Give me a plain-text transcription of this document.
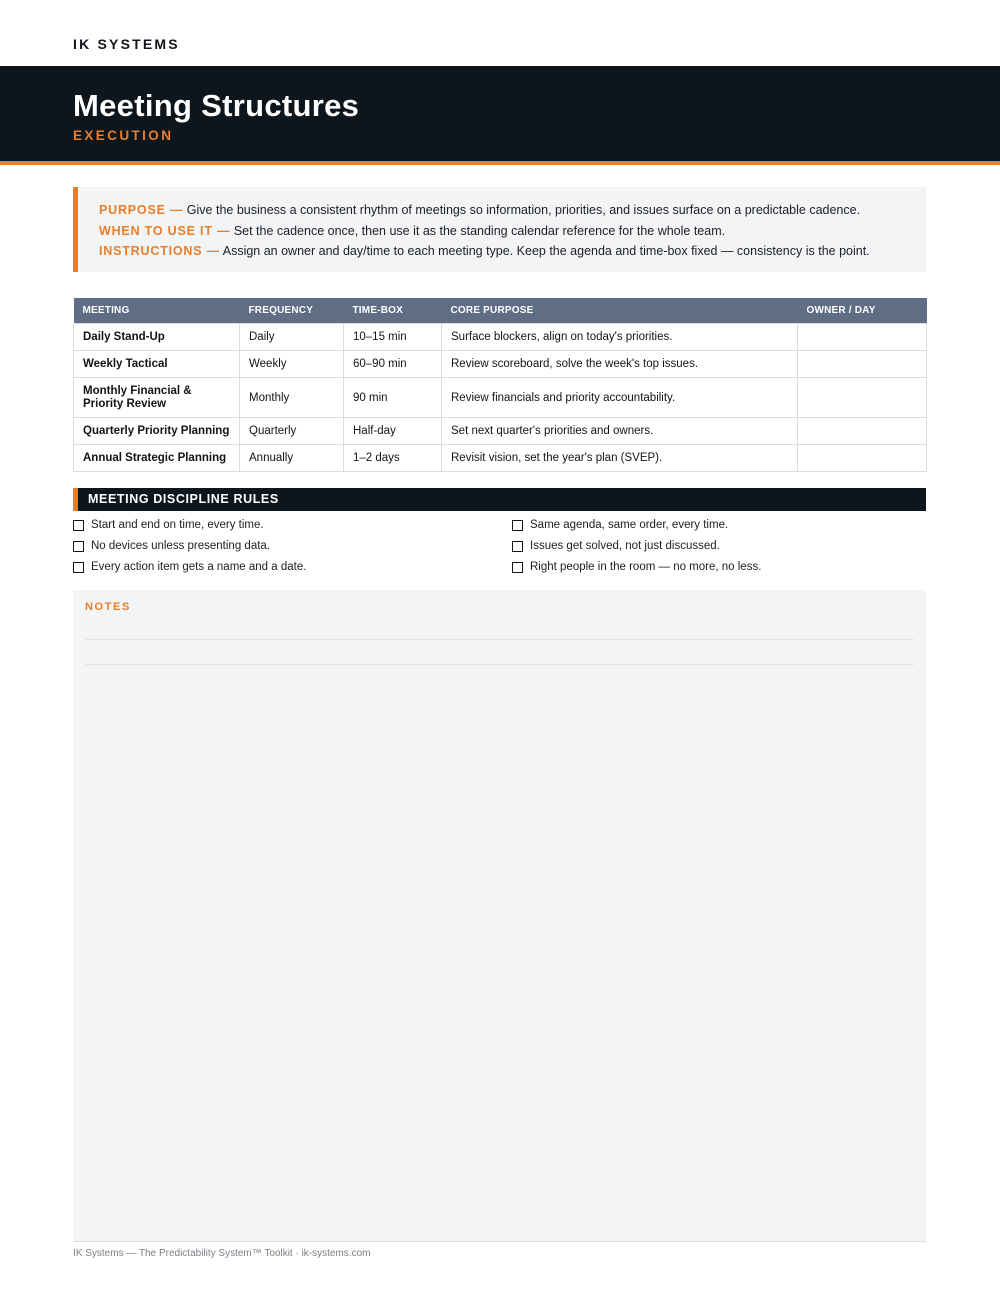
IK SYSTEMS
Meeting Structures
EXECUTION
PURPOSE — Give the business a consistent rhythm of meetings so information, priorities, and issues surface on a predictable cadence.
WHEN TO USE IT — Set the cadence once, then use it as the standing calendar reference for the whole team.
INSTRUCTIONS — Assign an owner and day/time to each meeting type. Keep the agenda and time-box fixed — consistency is the point.
MEETING	FREQUENCY	TIME-BOX	CORE PURPOSE	OWNER / DAY
Daily Stand-Up	Daily	10–15 min	Surface blockers, align on today's priorities.	
Weekly Tactical	Weekly	60–90 min	Review scoreboard, solve the week's top issues.	
Monthly Financial & Priority Review	Monthly	90 min	Review financials and priority accountability.	
Quarterly Priority Planning	Quarterly	Half-day	Set next quarter's priorities and owners.	
Annual Strategic Planning	Annually	1–2 days	Revisit vision, set the year's plan (SVEP).	
MEETING DISCIPLINE RULES
Start and end on time, every time.
No devices unless presenting data.
Every action item gets a name and a date.
Same agenda, same order, every time.
Issues get solved, not just discussed.
Right people in the room — no more, no less.
NOTES
IK Systems — The Predictability System™ Toolkit · ik-systems.com
